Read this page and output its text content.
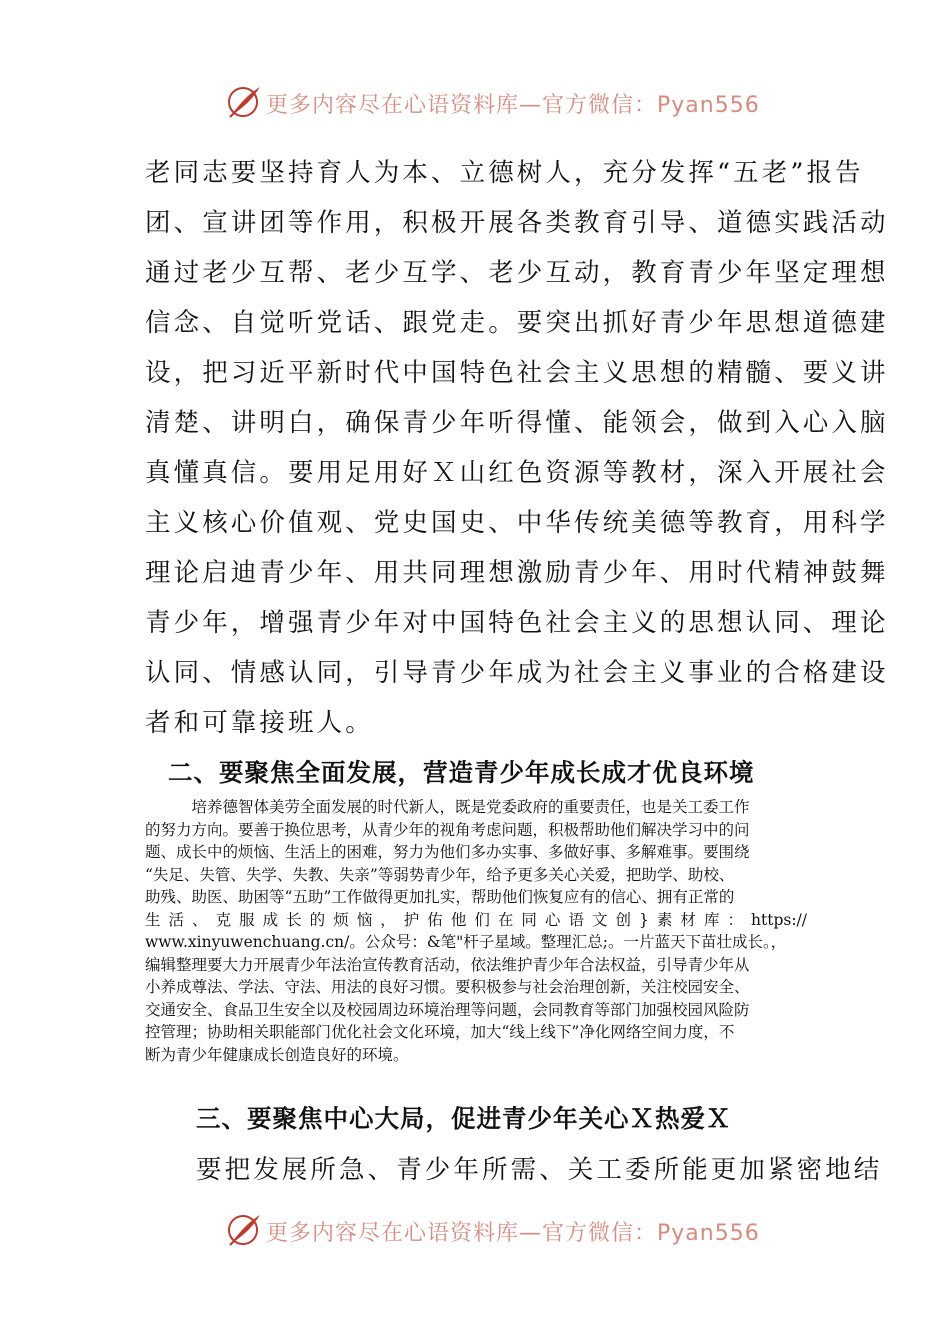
更多内容尽在心语资料库—官方微信：Pyan556
老同志要坚持育人为本、立德树人，充分发挥“五老”报告
团、宣讲团等作用，积极开展各类教育引导、道德实践活动
通过老少互帮、老少互学、老少互动，教育青少年坚定理想
信念、自觉听党话、跟党走。要突出抓好青少年思想道德建
设，把习近平新时代中国特色社会主义思想的精髓、要义讲
清楚、讲明白，确保青少年听得懂、能领会，做到入心入脑
真懂真信。要用足用好Ｘ山红色资源等教材，深入开展社会
主义核心价值观、党史国史、中华传统美德等教育，用科学
理论启迪青少年、用共同理想激励青少年、用时代精神鼓舞
青少年，增强青少年对中国特色社会主义的思想认同、理论
认同、情感认同，引导青少年成为社会主义事业的合格建设
者和可靠接班人。
二、要聚焦全面发展，营造青少年成长成才优良环境
　　　培养德智体美劳全面发展的时代新人，既是党委政府的重要责任，也是关工委工作
的努力方向。要善于换位思考，从青少年的视角考虑问题，积极帮助他们解决学习中的问
题、成长中的烦恼、生活上的困难，努力为他们多办实事、多做好事、多解难事。要围绕
“失足、失管、失学、失教、失亲”等弱势青少年，给予更多关心关爱，把助学、助校、
助残、助医、助困等“五助”工作做得更加扎实，帮助他们恢复应有的信心、拥有正常的
生活、克服成长的烦恼，护佑他们在同心语文创}素材库：https://
www.xinyuwenchuang.cn/。公众号：&笔"杆子星域。整理汇总;。一片蓝天下苗壮成长。，
编辑整理要大力开展青少年法治宣传教育活动，依法维护青少年合法权益，引导青少年从
小养成尊法、学法、守法、用法的良好习惯。要积极参与社会治理创新，关注校园安全、
交通安全、食品卫生安全以及校园周边环境治理等问题，会同教育等部门加强校园风险防
控管理；协助相关职能部门优化社会文化环境，加大“线上线下”净化网络空间力度，不
断为青少年健康成长创造良好的环境。
三、要聚焦中心大局，促进青少年关心Ｘ热爱Ｘ

要把发展所急、青少年所需、关工委所能更加紧密地结

更多内容尽在心语资料库—官方微信：Pyan556
